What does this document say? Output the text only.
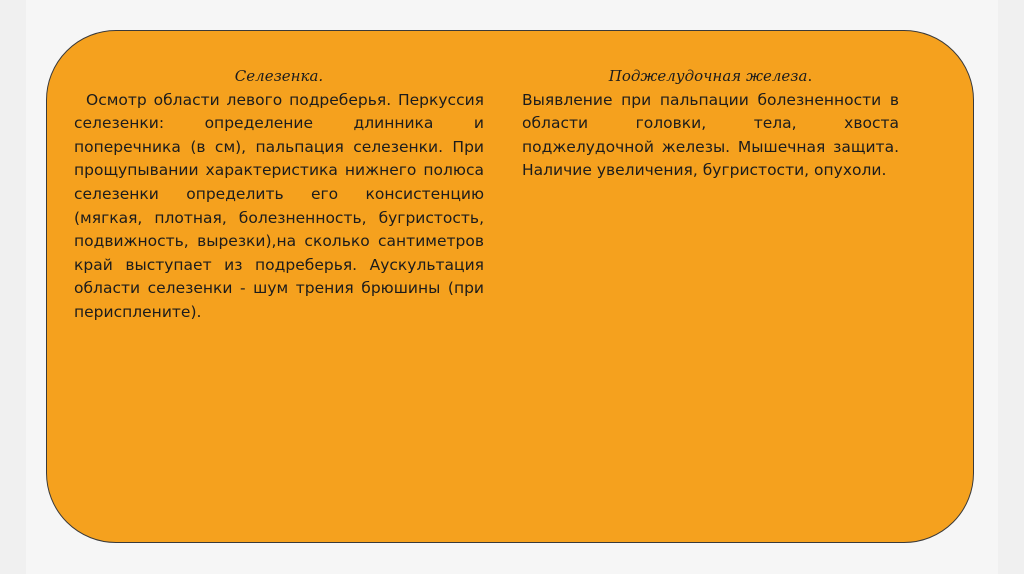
Селезенка.
Осмотр области левого подреберья. Перкуссия селезенки: определение длинника и поперечника (в см), пальпация селезенки. При прощупывании характеристика нижнего полюса селезенки определить его консистенцию (мягкая, плотная, болезненность, бугристость, подвижность, вырезки),на сколько сантиметров край выступает из подреберья. Аускультация области селезенки - шум трения брюшины (при перисплените).
Поджелудочная железа.
Выявление при пальпации болезненности в области головки, тела, хвоста поджелудочной железы. Мышечная защита. Наличие увеличения, бугристости, опухоли.
